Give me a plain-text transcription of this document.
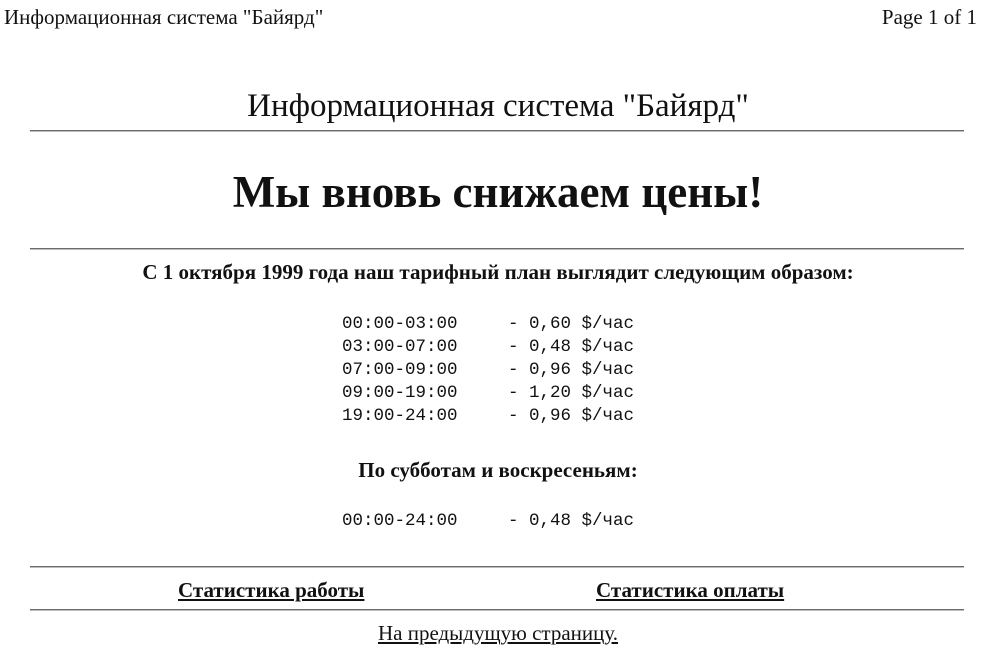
Информационная система "Байярд"	Page 1 of 1
Информационная система "Байярд"
Мы вновь снижаем цены!
С 1 октября 1999 года наш тарифный план выглядит следующим образом:
00:00-03:00	- 0,60 $/час
03:00-07:00	- 0,48 $/час
07:00-09:00	- 0,96 $/час
09:00-19:00	- 1,20 $/час
19:00-24:00	- 0,96 $/час
По субботам и воскресеньям:
00:00-24:00	- 0,48 $/час
Статистика работы	Статистика оплаты
На предыдущую страницу.
